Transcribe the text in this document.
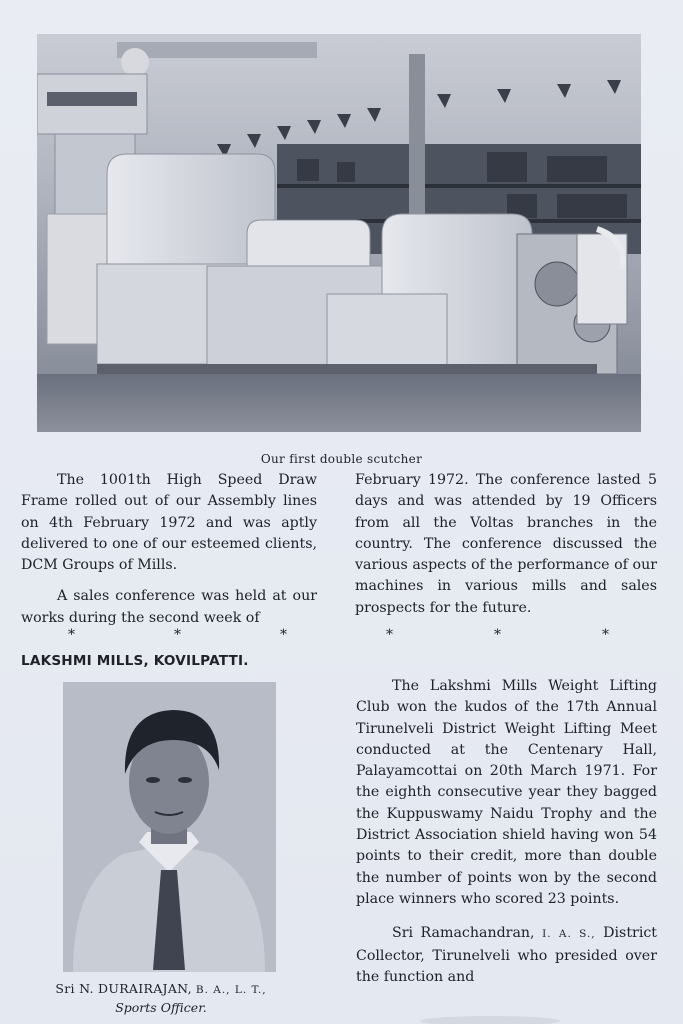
Our first double scutcher

The 1001th High Speed Draw Frame rolled out of our Assembly lines on 4th February 1972 and was aptly delivered to one of our esteemed clients, DCM Groups of Mills.

A sales conference was held at our works during the second week of

February 1972. The conference lasted 5 days and was attended by 19 Officers from all the Voltas branches in the country. The conference discussed the various aspects of the performance of our machines in various mills and sales prospects for the future.

*	*	*	*	*	*
LAKSHMI MILLS, KOVILPATTI.
Sri N. DURAIRAJAN, B. A., L. T.,
Sports Officer.

The Lakshmi Mills Weight Lifting Club won the kudos of the 17th Annual Tirunelveli District Weight Lifting Meet conducted at the Centenary Hall, Palayamcottai on 20th March 1971. For the eighth consecutive year they bagged the Kuppuswamy Naidu Trophy and the District Association shield having won 54 points to their credit, more than double the number of points won by the second place winners who scored 23 points.

Sri Ramachandran, I. A. S., District Collector, Tirunelveli who presided over the function and
